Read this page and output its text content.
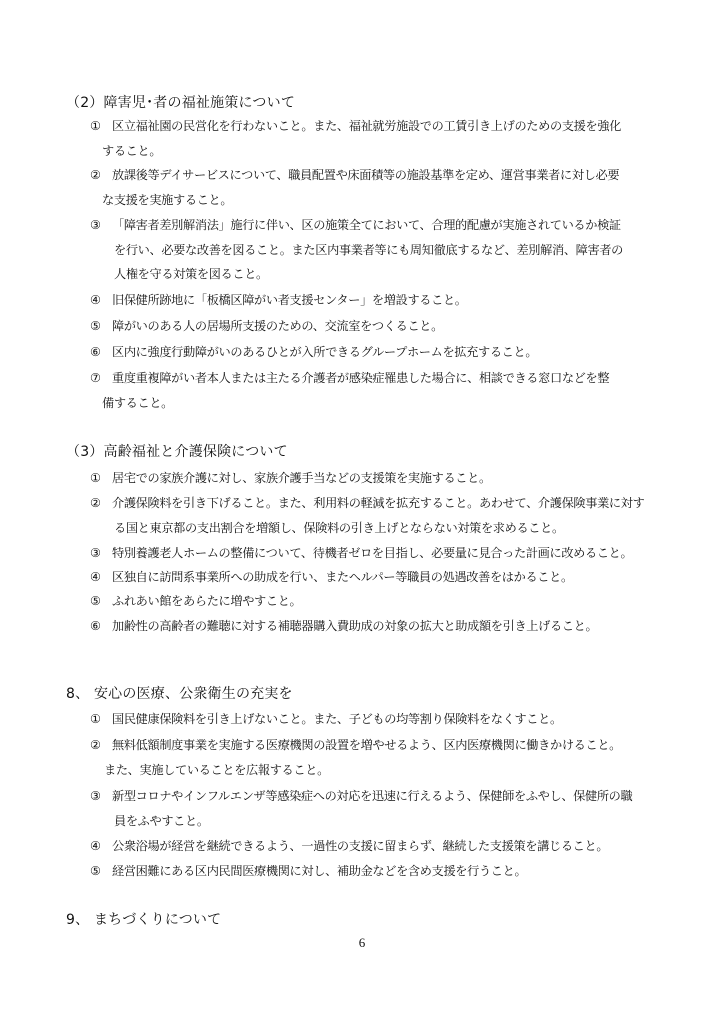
（2）障害児･者の福祉施策について
① 区立福祉園の民営化を行わないこと。また、福祉就労施設での工賃引き上げのための支援を強化
すること。
② 放課後等デイサービスについて、職員配置や床面積等の施設基準を定め、運営事業者に対し必要
な支援を実施すること。
③ 「障害者差別解消法」施行に伴い、区の施策全てにおいて、合理的配慮が実施されているか検証
を行い、必要な改善を図ること。また区内事業者等にも周知徹底するなど、差別解消、障害者の
人権を守る対策を図ること。
④ 旧保健所跡地に「板橋区障がい者支援センター」を増設すること。
⑤ 障がいのある人の居場所支援のための、交流室をつくること。
⑥ 区内に強度行動障がいのあるひとが入所できるグループホームを拡充すること。
⑦ 重度重複障がい者本人または主たる介護者が感染症罹患した場合に、相談できる窓口などを整
備すること。
（3）高齢福祉と介護保険について
① 居宅での家族介護に対し、家族介護手当などの支援策を実施すること。
② 介護保険料を引き下げること。また、利用料の軽減を拡充すること。あわせて、介護保険事業に対す
る国と東京都の支出割合を増額し、保険料の引き上げとならない対策を求めること。
③ 特別養護老人ホームの整備について、待機者ゼロを目指し、必要量に見合った計画に改めること。
④ 区独自に訪問系事業所への助成を行い、またヘルパー等職員の処遇改善をはかること。
⑤ ふれあい館をあらたに増やすこと。
⑥ 加齢性の高齢者の難聴に対する補聴器購入費助成の対象の拡大と助成額を引き上げること。
8、 安心の医療、公衆衛生の充実を
① 国民健康保険料を引き上げないこと。また、子どもの均等割り保険料をなくすこと。
② 無料低額制度事業を実施する医療機関の設置を増やせるよう、区内医療機関に働きかけること。
また、実施していることを広報すること。
③ 新型コロナやインフルエンザ等感染症への対応を迅速に行えるよう、保健師をふやし、保健所の職
員をふやすこと。
④ 公衆浴場が経営を継続できるよう、一過性の支援に留まらず、継続した支援策を講じること。
⑤ 経営困難にある区内民間医療機関に対し、補助金などを含め支援を行うこと。
9、 まちづくりについて
6
